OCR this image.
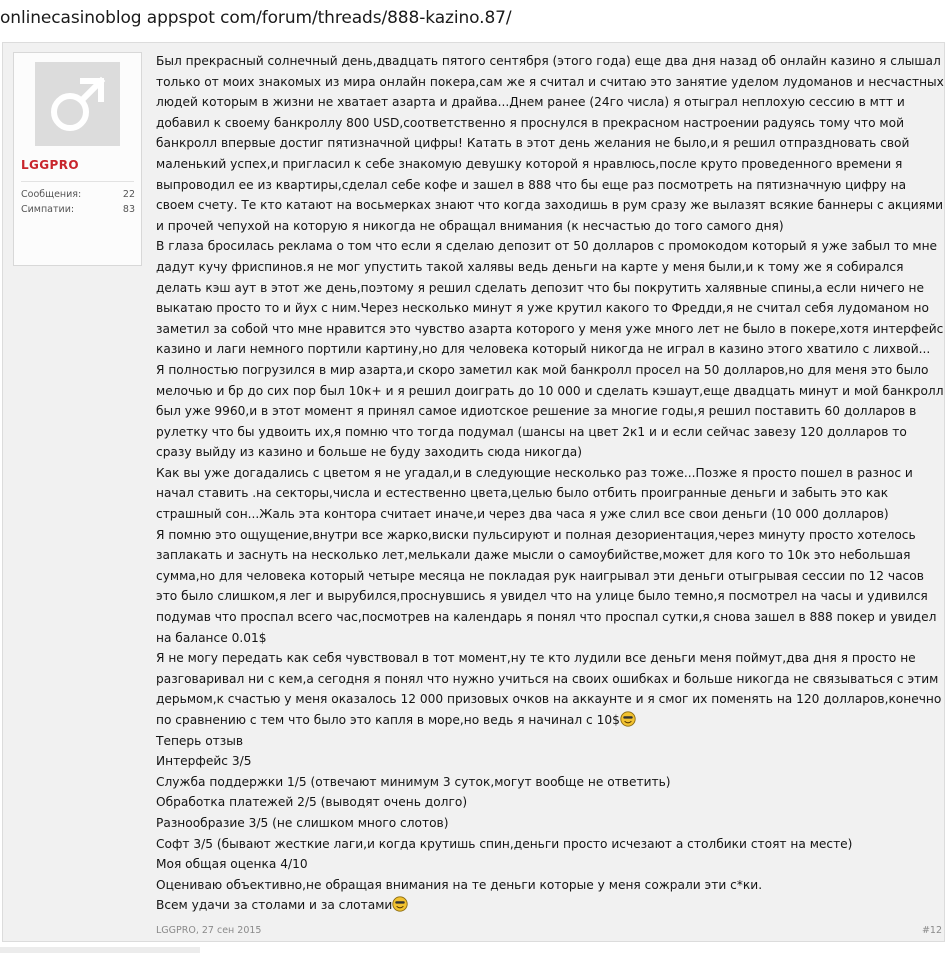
onlinecasinoblog appspot com/forum/threads/888-kazino.87/
LGGPRO
Сообщения:	22
Симпатии:	83

Был прекрасный солнечный день,двадцать пятого сентября (этого года) еще два дня назад об онлайн казино я слышал только от моих знакомых из мира онлайн покера,сам же я считал и считаю это занятие уделом лудоманов и несчастных людей которым в жизни не хватает азарта и драйва...Днем ранее (24го числа) я отыграл неплохую сессию в мтт и добавил к своему банкроллу 800 USD,соответственно я проснулся в прекрасном настроении радуясь тому что мой банкролл впервые достиг пятизначной цифры! Катать в этот день желания не было,и я решил отпраздновать свой маленький успех,и пригласил к себе знакомую девушку которой я нравлюсь,после круто проведенного времени я выпроводил ее из квартиры,сделал себе кофе и зашел в 888 что бы еще раз посмотреть на пятизначную цифру на своем счету. Те кто катают на восьмерках знают что когда заходишь в рум сразу же вылазят всякие баннеры с акциями и прочей чепухой на которую я никогда не обращал внимания (к несчастью до того самого дня)

В глаза бросилась реклама о том что если я сделаю депозит от 50 долларов с промокодом который я уже забыл то мне дадут кучу фриспинов.я не мог упустить такой халявы ведь деньги на карте у меня были,и к тому же я собирался делать кэш аут в этот же день,поэтому я решил сделать депозит что бы покрутить халявные спины,а если ничего не выкатаю просто то и йух с ним.Через несколько минут я уже крутил какого то Фредди,я не считал себя лудоманом но заметил за собой что мне нравится это чувство азарта которого у меня уже много лет не было в покере,хотя интерфейс казино и лаги немного портили картину,но для человека который никогда не играл в казино этого хватило с лихвой...

Я полностью погрузился в мир азарта,и скоро заметил как мой банкролл просел на 50 долларов,но для меня это было мелочью и бр до сих пор был 10к+ и я решил доиграть до 10 000 и сделать кэшаут,еще двадцать минут и мой банкролл был уже 9960,и в этот момент я принял самое идиотское решение за многие годы,я решил поставить 60 долларов в рулетку что бы удвоить их,я помню что тогда подумал (шансы на цвет 2к1 и и если сейчас завезу 120 долларов то сразу выйду из казино и больше не буду заходить сюда никогда)

Как вы уже догадались с цветом я не угадал,и в следующие несколько раз тоже...Позже я просто пошел в разнос и начал ставить .на секторы,числа и естественно цвета,целью было отбить проигранные деньги и забыть это как страшный сон...Жаль эта контора считает иначе,и через два часа я уже слил все свои деньги (10 000 долларов)

Я помню это ощущение,внутри все жарко,виски пульсируют и полная дезориентация,через минуту просто хотелось заплакать и заснуть на несколько лет,мелькали даже мысли о самоубийстве,может для кого то 10к это небольшая сумма,но для человека который четыре месяца не покладая рук наигрывал эти деньги отыгрывая сессии по 12 часов это было слишком,я лег и вырубился,проснувшись я увидел что на улице было темно,я посмотрел на часы и удивился подумав что проспал всего час,посмотрев на календарь я понял что проспал сутки,я снова зашел в 888 покер и увидел на балансе 0.01$

Я не могу передать как себя чувствовал в тот момент,ну те кто лудили все деньги меня поймут,два дня я просто не разговаривал ни с кем,а сегодня я понял что нужно учиться на своих ошибках и больше никогда не связываться с этим дерьмом,к счастью у меня оказалось 12 000 призовых очков на аккаунте и я смог их поменять на 120 долларов,конечно по сравнению с тем что было это капля в море,но ведь я начинал с 10$

Теперь отзыв

Интерфейс 3/5

Служба поддержки 1/5 (отвечают минимум 3 суток,могут вообще не ответить)

Обработка платежей 2/5 (выводят очень долго)

Разнообразие 3/5 (не слишком много слотов)

Софт 3/5 (бывают жесткие лаги,и когда крутишь спин,деньги просто исчезают а столбики стоят на месте)

Моя общая оценка 4/10

Оцениваю объективно,не обращая внимания на те деньги которые у меня сожрали эти с*ки.

Всем удачи за столами и за слотами

LGGPRO, 27 сен 2015	#12
